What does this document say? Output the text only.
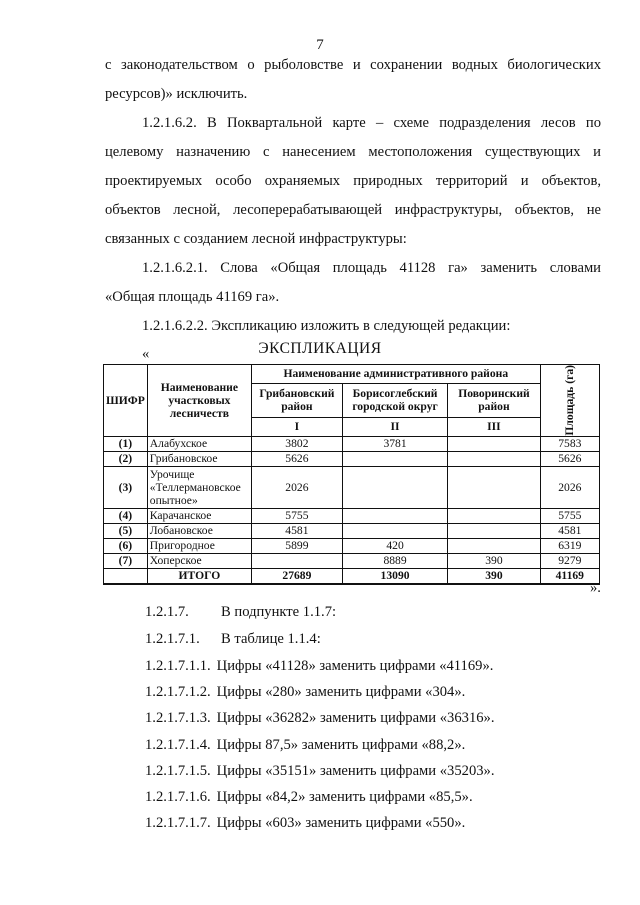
7

с законодательством о рыболовстве и сохранении водных биологических

ресурсов)» исключить.

1.2.1.6.2. В Поквартальной карте – схеме подразделения лесов по

целевому назначению с нанесением местоположения существующих и

проектируемых особо охраняемых природных территорий и объектов,

объектов лесной, лесоперерабатывающей инфраструктуры, объектов, не

связанных с созданием лесной инфраструктуры:

1.2.1.6.2.1. Слова «Общая площадь 41128 га» заменить словами

«Общая площадь 41169 га».

1.2.1.6.2.2. Экспликацию изложить в следующей редакции:

«	ЭКСПЛИКАЦИЯ
ШИФР	Наименование участковых лесничеств	Наименование административного района			Площадь (га)

		Грибановский район	Борисоглебский городской округ	Поворинский район	
		I	II	III	
(1)	Алабухское	3802	3781		7583
(2)	Грибановское	5626			5626
(3)	Урочище «Теллермановское опытное»	2026			2026
(4)	Карачанское	5755			5755
(5)	Лобановское	4581			4581
(6)	Пригородное	5899	420		6319
(7)	Хоперское		8889	390	9279
	ИТОГО	27689	13090	390	41169
».
1.2.1.7. В подпункте 1.1.7:
1.2.1.7.1. В таблице 1.1.4:
1.2.1.7.1.1. Цифры «41128» заменить цифрами «41169».
1.2.1.7.1.2. Цифры «280» заменить цифрами «304».
1.2.1.7.1.3. Цифры «36282» заменить цифрами «36316».
1.2.1.7.1.4. Цифры 87,5» заменить цифрами «88,2».
1.2.1.7.1.5. Цифры «35151» заменить цифрами «35203».
1.2.1.7.1.6. Цифры «84,2» заменить цифрами «85,5».
1.2.1.7.1.7. Цифры «603» заменить цифрами «550».
